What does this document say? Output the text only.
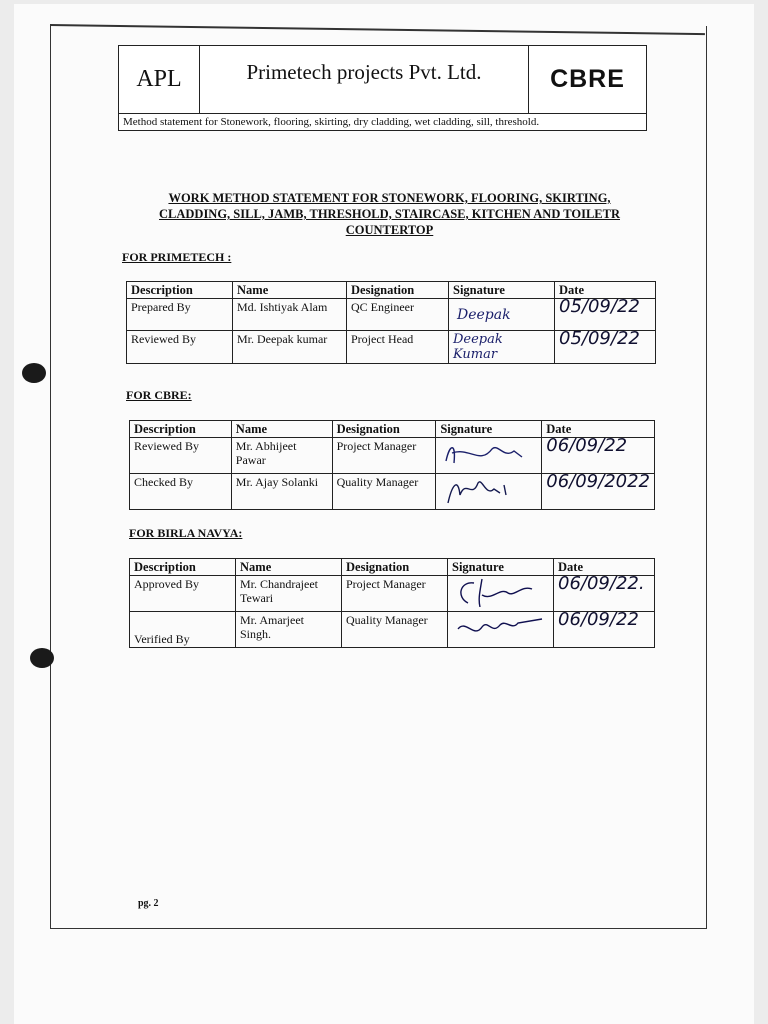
APL	Primetech projects Pvt. Ltd.	CBRE
Method statement for Stonework, flooring, skirting, dry cladding, wet cladding, sill, threshold.
WORK METHOD STATEMENT FOR STONEWORK, FLOORING, SKIRTING,
CLADDING, SILL, JAMB, THRESHOLD, STAIRCASE, KITCHEN AND TOILETR
COUNTERTOP
FOR PRIMETECH :
Description	Name	Designation	Signature	Date
Prepared By	Md. Ishtiyak Alam	QC Engineer	Deepak	05/09/22
Reviewed By	Mr. Deepak kumar	Project Head	Deepak Kumar	05/09/22
FOR CBRE:
Description	Name	Designation	Signature	Date
Reviewed By	Mr. Abhijeet Pawar	Project Manager		06/09/22
Checked By	Mr. Ajay Solanki	Quality Manager		06/09/2022
FOR BIRLA NAVYA:
Description	Name	Designation	Signature	Date
Approved By	Mr. Chandrajeet Tewari	Project Manager		06/09/22.
Verified By	Mr. Amarjeet Singh.	Quality Manager		06/09/22
pg. 2
